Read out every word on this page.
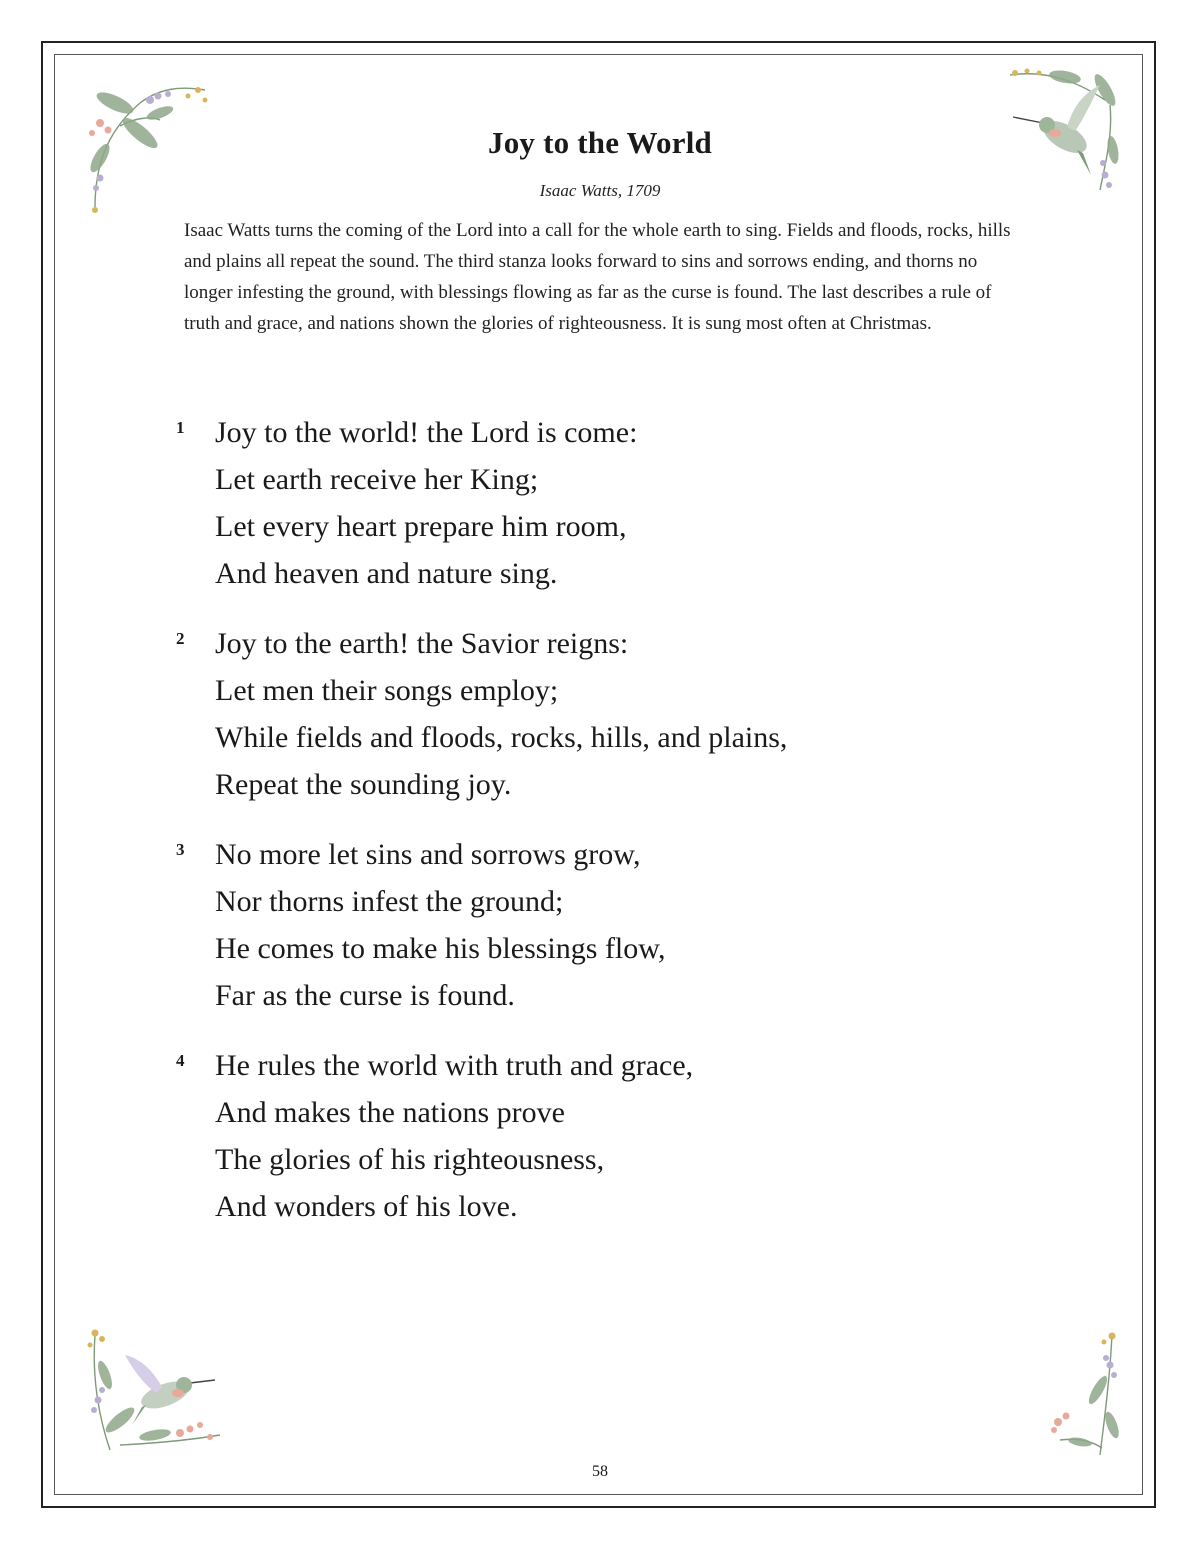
Joy to the World

Isaac Watts, 1709

Isaac Watts turns the coming of the Lord into a call for the whole earth to sing. Fields and floods, rocks, hills and plains all repeat the sound. The third stanza looks forward to sins and sorrows ending, and thorns no longer infesting the ground, with blessings flowing as far as the curse is found. The last describes a rule of truth and grace, and nations shown the glories of righteousness. It is sung most often at Christmas.

1 Joy to the world! the Lord is come:
Let earth receive her King;
Let every heart prepare him room,
And heaven and nature sing.
2 Joy to the earth! the Savior reigns:
Let men their songs employ;
While fields and floods, rocks, hills, and plains,
Repeat the sounding joy.
3 No more let sins and sorrows grow,
Nor thorns infest the ground;
He comes to make his blessings flow,
Far as the curse is found.
4 He rules the world with truth and grace,
And makes the nations prove
The glories of his righteousness,
And wonders of his love.

58
